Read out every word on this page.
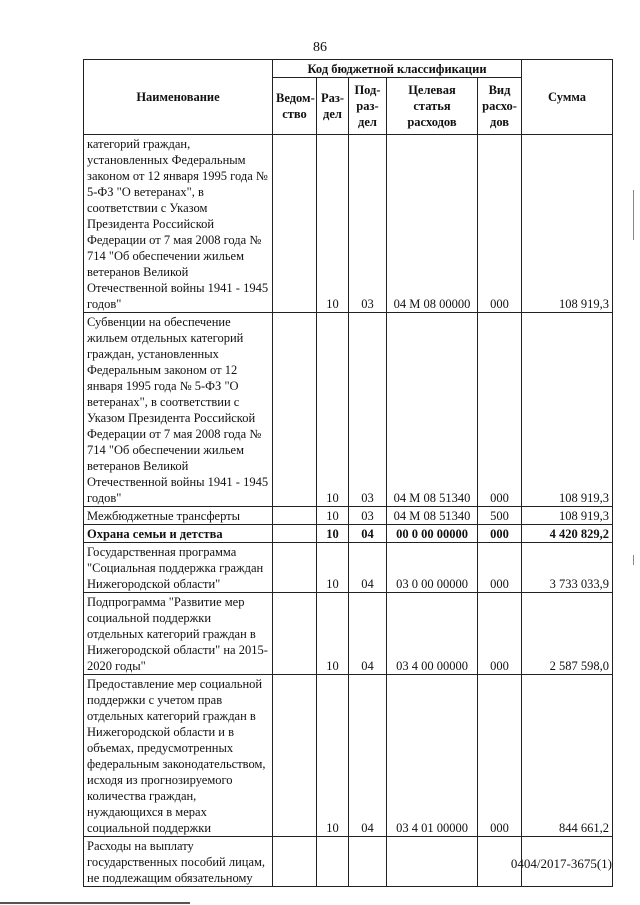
86
Наименование	Код бюджетной классификации					Сумма
	Ведом-ство	Раз-дел	Под-раз-дел	Целевая статья расходов	Вид расхо-дов	
категорий граждан, установленных Федеральным законом от 12 января 1995 года № 5-ФЗ "О ветеранах", в соответствии с Указом Президента Российской Федерации от 7 мая 2008 года № 714 "Об обеспечении жильем ветеранов Великой Отечественной войны 1941 - 1945 годов"		10	03	04 М 08 00000	000	108 919,3
Субвенции на обеспечение жильем отдельных категорий граждан, установленных Федеральным законом от 12 января 1995 года № 5-ФЗ "О ветеранах", в соответствии с Указом Президента Российской Федерации от 7 мая 2008 года № 714 "Об обеспечении жильем ветеранов Великой Отечественной войны 1941 - 1945 годов"		10	03	04 М 08 51340	000	108 919,3
Межбюджетные трансферты		10	03	04 М 08 51340	500	108 919,3
Охрана семьи и детства		10	04	00 0 00 00000	000	4 420 829,2
Государственная программа "Социальная поддержка граждан Нижегородской области"		10	04	03 0 00 00000	000	3 733 033,9
Подпрограмма "Развитие мер социальной поддержки отдельных категорий граждан в Нижегородской области" на 2015-2020 годы"		10	04	03 4 00 00000	000	2 587 598,0
Предоставление мер социальной поддержки с учетом прав отдельных категорий граждан в Нижегородской области и в объемах, предусмотренных федеральным законодательством, исходя из прогнозируемого количества граждан, нуждающихся в мерах социальной поддержки		10	04	03 4 01 00000	000	844 661,2
Расходы на выплату государственных пособий лицам, не подлежащим обязательному						
0404/2017-3675(1)
